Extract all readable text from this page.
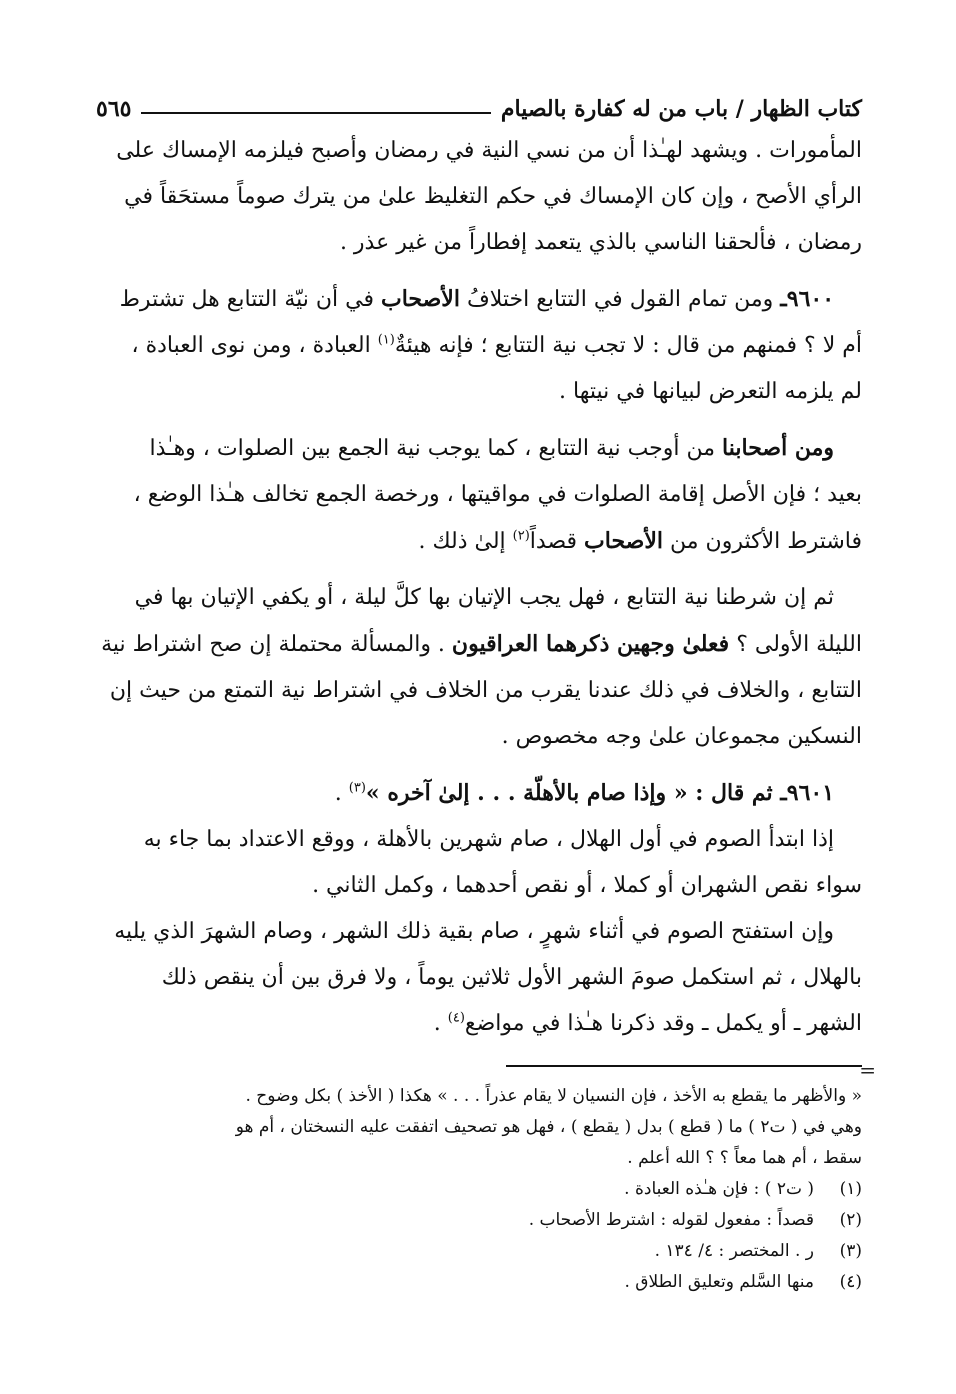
كتاب الظهار / باب من له كفارة بالصيام
٥٦٥

المأمورات . ويشهد لهـٰذا أن من نسي النية في رمضان وأصبح فيلزمه الإمساك على

الرأي الأصح ، وإن كان الإمساك في حكم التغليظ علىٰ من يترك صوماً مستحَقاً في

رمضان ، فألحقنا الناسي بالذي يتعمد إفطاراً من غير عذر .

٩٦٠٠ـ ومن تمام القول في التتابع اختلافُ الأصحاب في أن نيّة التتابع هل تشترط

أم لا ؟ فمنهم من قال : لا تجب نية التتابع ؛ فإنه هيئةٌ$^{(١)}$ العبادة ، ومن نوى العبادة ،

لم يلزمه التعرض لبيانها في نيتها .

ومن أصحابنا من أوجب نية التتابع ، كما يوجب نية الجمع بين الصلوات ، وهـٰذا

بعيد ؛ فإن الأصل إقامة الصلوات في مواقيتها ، ورخصة الجمع تخالف هـٰذا الوضع ،

فاشترط الأكثرون من الأصحاب قصداً$^{(٢)}$ إلىٰ ذلك .

ثم إن شرطنا نية التتابع ، فهل يجب الإتيان بها كلَّ ليلة ، أو يكفي الإتيان بها في

الليلة الأولى ؟ فعلىٰ وجهين ذكرهما العراقيون . والمسألة محتملة إن صح اشتراط نية

التتابع ، والخلاف في ذلك عندنا يقرب من الخلاف في اشتراط نية التمتع من حيث إن

النسكين مجموعان علىٰ وجه مخصوص .

٩٦٠١ـ ثم قال : « وإذا صام بالأهلّة . . . إلىٰ آخره »$^{(٣)}$ .

إذا ابتدأ الصوم في أول الهلال ، صام شهرين بالأهلة ، ووقع الاعتداد بما جاء به

سواء نقص الشهران أو كملا ، أو نقص أحدهما ، وكمل الثاني .

وإن استفتح الصوم في أثناء شهرٍ ، صام بقية ذلك الشهر ، وصام الشهرَ الذي يليه

بالهلال ، ثم استكمل صومَ الشهر الأول ثلاثين يوماً ، ولا فرق بين أن ينقص ذلك

الشهر ـ أو يكمل ـ وقد ذكرنا هـٰذا في مواضع$^{(٤)}$ .

=

« والأظهر ما يقطع به الأخذ ، فإن النسيان لا يقام عذراً . . . » هكذا ( الأخذ ) بكل وضوح .

وهي في ( ت٢ ) ما ( قطع ) بدل ( يقطع ) ، فهل هو تصحيف اتفقت عليه النسختان ، أم هو

سقط ، أم هما معاً ؟ ؟ الله أعلم .

(١)
( ت٢ ) : فإن هـٰذه العبادة .
(٢)
قصداً : مفعول لقوله : اشترط الأصحاب .
(٣)
ر . المختصر : ٤/ ١٣٤ .
(٤)
منها السَّلم وتعليق الطلاق .
